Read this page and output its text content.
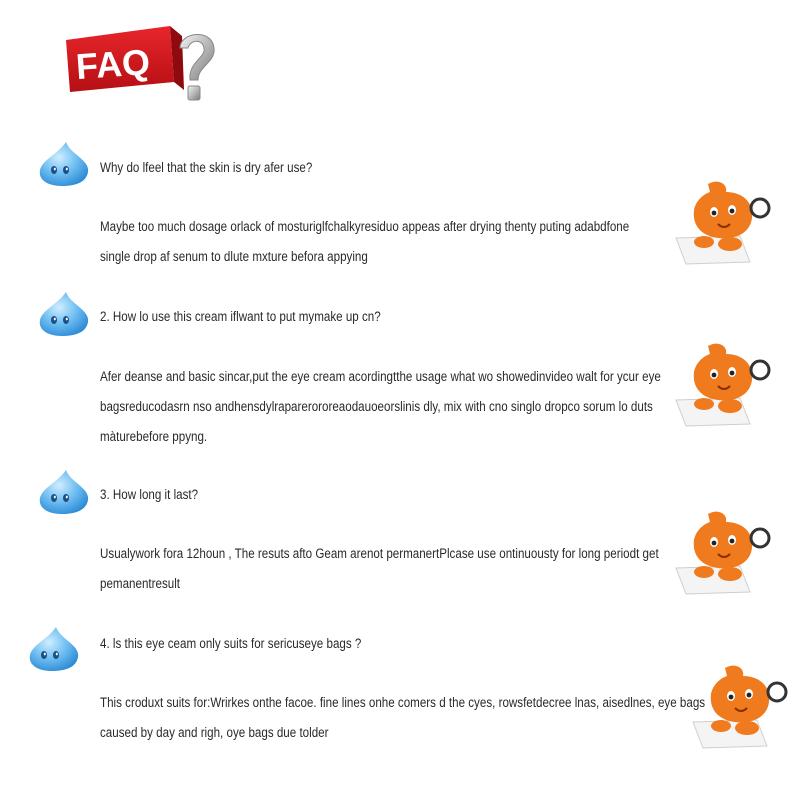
FAQ
Why do lfeel that the skin is dry afer use?
Maybe too much dosage orlack of mosturiglfchalkyresiduo appeas after drying thenty puting adabdfone
single drop af senum to dlute mxture befora appying
2. How lo use this cream iflwant to put mymake up cn?
Afer deanse and basic sincar,put the eye cream acordingtthe usage what wo showedinvideo walt for ycur eye
bagsreducodasrn nso andhensdylraparerororeaodauoeorslinis dly, mix with cno singlo dropco sorum lo duts
màturebefore ppyng.
3. How long it last?
Usualywork fora 12houn , The resuts afto Geam arenot permanertPlcase use ontinuousty for long periodt get
pemanentresult
4. ls this eye ceam only suits for sericuseye bags ?
This croduxt suits for:Wrirkes onthe facoe. fine lines onhe comers d the cyes, rowsfetdecree lnas, aisedlnes, eye bags
caused by day and righ, oye bags due tolder
